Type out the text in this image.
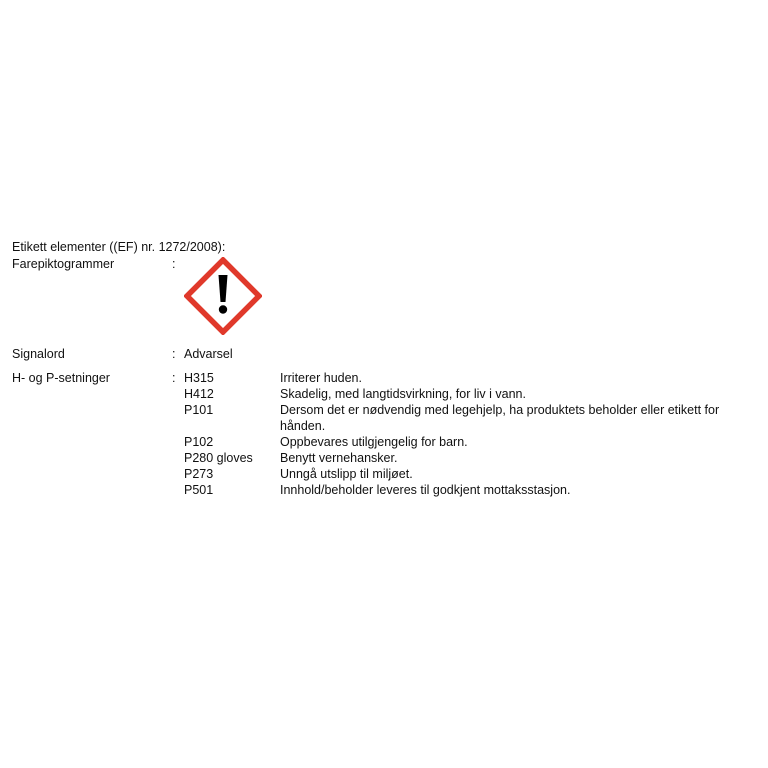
Etikett elementer ((EF) nr. 1272/2008):
Farepiktogrammer	:
Signalord	: Advarsel
H- og P-setninger	: H315	Irriterer huden.
H412	Skadelig, med langtidsvirkning, for liv i vann.
P101	Dersom det er nødvendig med legehjelp, ha produktets beholder eller etikett for hånden.
P102	Oppbevares utilgjengelig for barn.
P280 gloves	Benytt vernehansker.
P273	Unngå utslipp til miljøet.
P501	Innhold/beholder leveres til godkjent mottaksstasjon.
